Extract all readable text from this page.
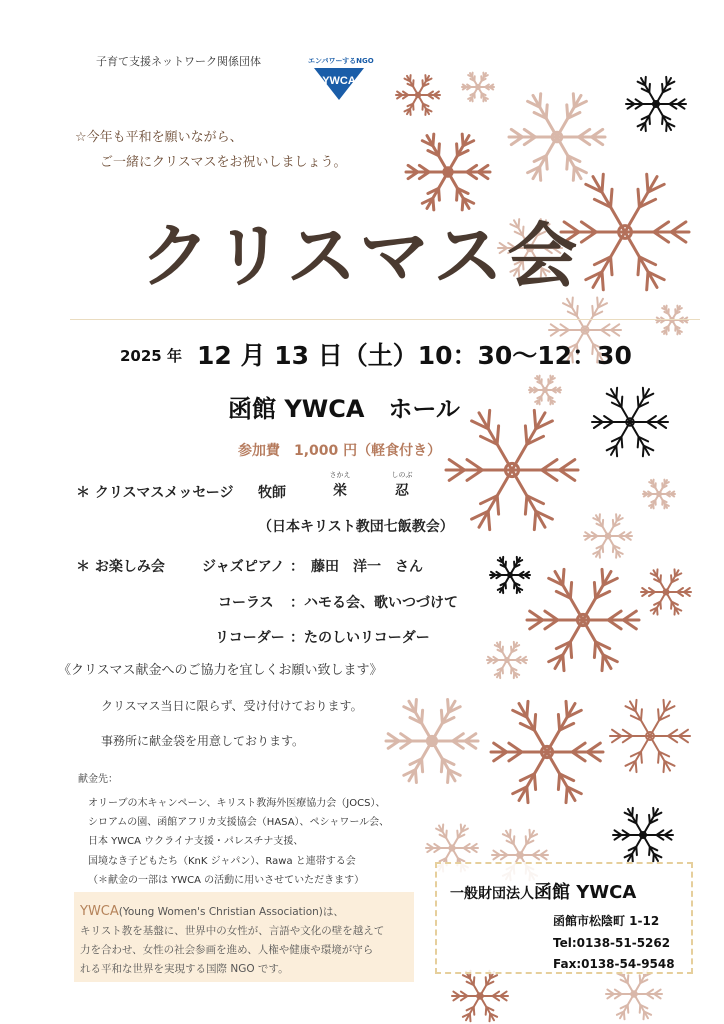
子育て支援ネットワーク関係団体	エンパワーするNGO
YWCA
☆今年も平和を願いながら、
ご一緒にクリスマスをお祝いしましょう。
クリスマス会
2025 年 12 月 13 日（土）10：30～12：30
函館 YWCA　ホール
参加費　1,000 円（軽食付き）
＊ クリスマスメッセージ 牧師
さかえ
栄
しのぶ
忍
（日本キリスト教団七飯教会）
＊ お楽しみ会	ジャズピアノ ：　藤田　洋一　さん
コーラス ：ハモる会、歌いつづけて
リコーダー ：たのしいリコーダー
《クリスマス献金へのご協力を宜しくお願い致します》
クリスマス当日に限らず、受け付けております。
事務所に献金袋を用意しております。
献金先：
オリーブの木キャンペーン、キリスト教海外医療協力会（JOCS）、
シロアムの園、函館アフリカ支援協会（HASA）、ペシャワール会、
日本 YWCA ウクライナ支援・パレスチナ支援、
国境なき子どもたち（KnK ジャパン）、Rawa と連帯する会
（＊献金の一部は YWCA の活動に用いさせていただきます）
YWCA(Young Women's Christian Association)は、
キリスト教を基盤に、世界中の女性が、言語や文化の壁を越えて
力を合わせ、女性の社会参画を進め、人権や健康や環境が守ら
れる平和な世界を実現する国際 NGO です。
一般財団法人函館 YWCA
函館市松陰町 1-12
Tel:0138-51-5262
Fax:0138-54-9548
